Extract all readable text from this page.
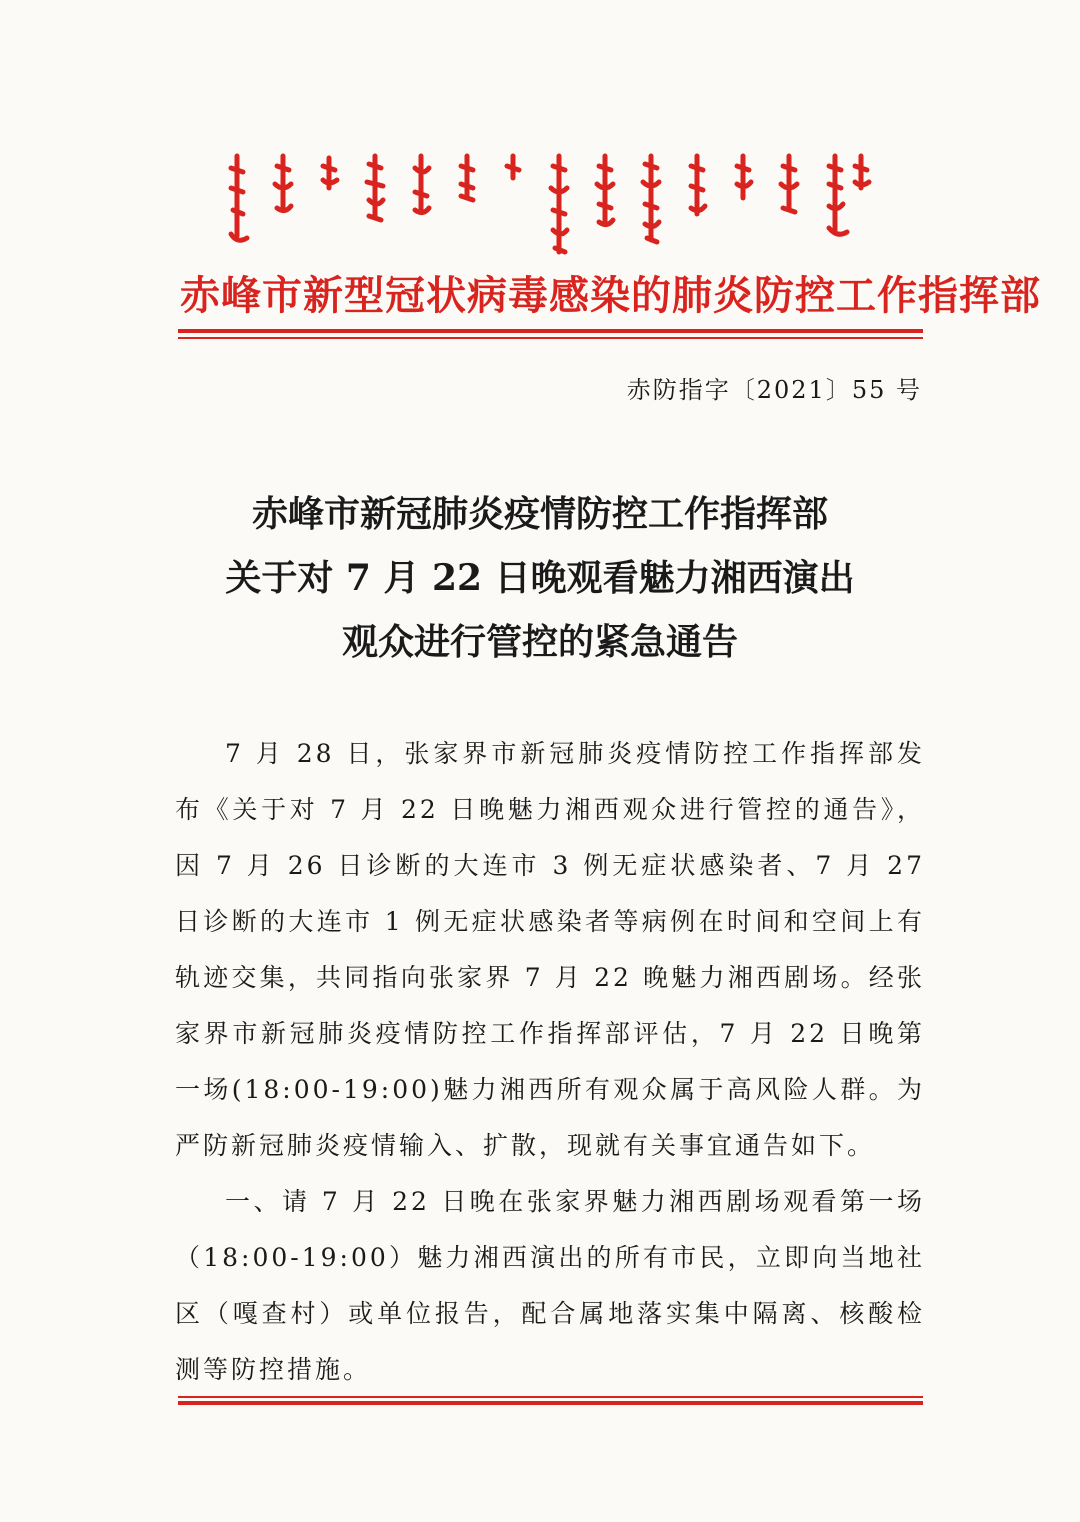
赤峰市新型冠状病毒感染的肺炎防控工作指挥部
赤防指字〔2021〕55 号
赤峰市新冠肺炎疫情防控工作指挥部
关于对 7 月 22 日晚观看魅力湘西演出
观众进行管控的紧急通告

7 月 28 日，张家界市新冠肺炎疫情防控工作指挥部发布《关于对 7 月 22 日晚魅力湘西观众进行管控的通告》，因 7 月 26 日诊断的大连市 3 例无症状感染者、7 月 27 日诊断的大连市 1 例无症状感染者等病例在时间和空间上有轨迹交集，共同指向张家界 7 月 22 晚魅力湘西剧场。经张家界市新冠肺炎疫情防控工作指挥部评估，7 月 22 日晚第一场(18:00-19:00)魅力湘西所有观众属于高风险人群。为严防新冠肺炎疫情输入、扩散，现就有关事宜通告如下。

一、请 7 月 22 日晚在张家界魅力湘西剧场观看第一场（18:00-19:00）魅力湘西演出的所有市民，立即向当地社区（嘎查村）或单位报告，配合属地落实集中隔离、核酸检测等防控措施。
